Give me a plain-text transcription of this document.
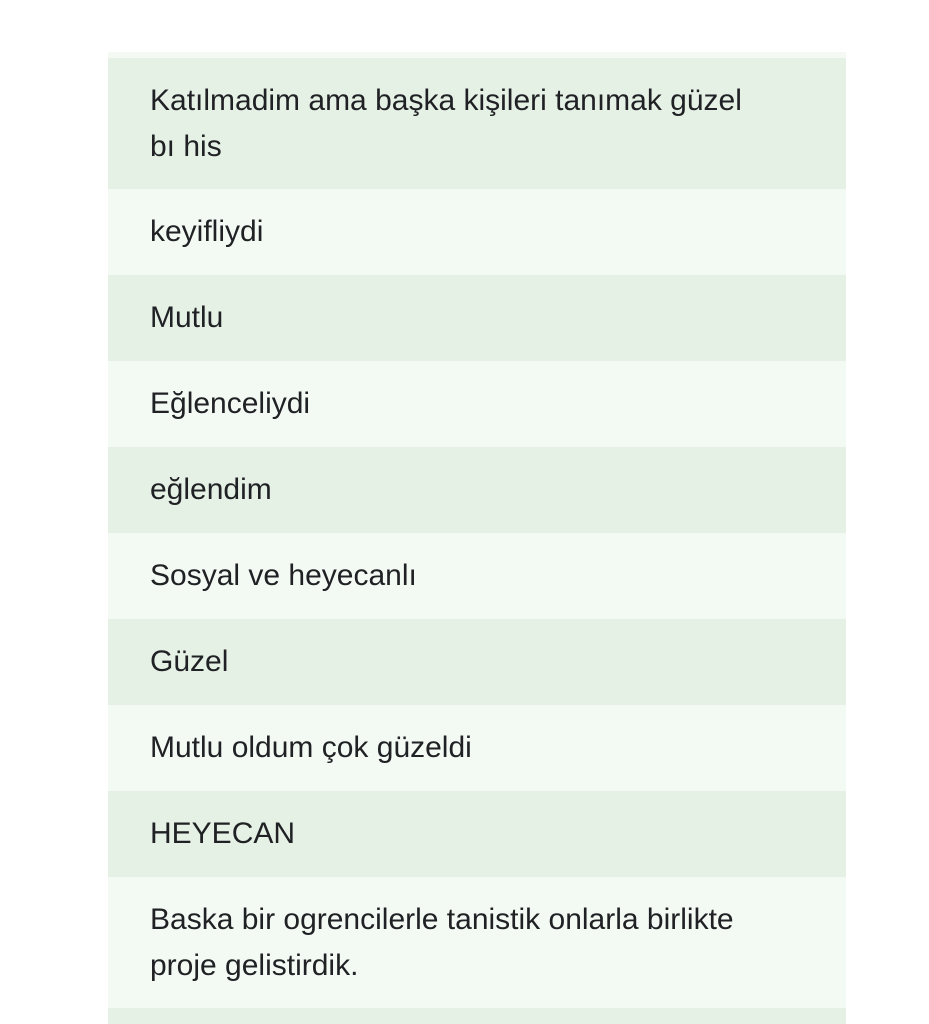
Katılmadim ama başka kişileri tanımak güzel bı his
keyifliydi
Mutlu
Eğlenceliydi
eğlendim
Sosyal ve heyecanlı
Güzel
Mutlu oldum çok güzeldi
HEYECAN
Baska bir ogrencilerle tanistik onlarla birlikte proje gelistirdik.
